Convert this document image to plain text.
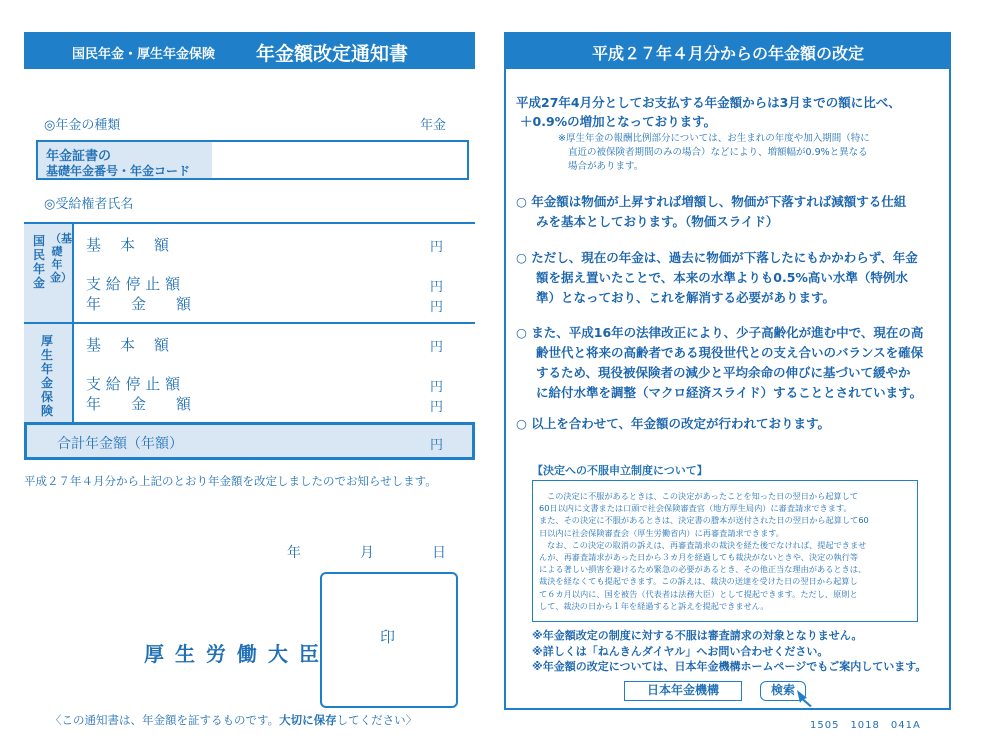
国民年金・厚生年金保険 年金額改定通知書
◎年金の種類	年金
年金証書の
基礎年金番号・年金コード
◎受給権者氏名
国民年金
（基礎年金）
基　本　額	円
支 給 停 止 額	円
年　　金　　額	円
厚生年金保険
基　本　額	円
支 給 停 止 額	円
年　　金　　額	円
合計年金額（年額）	円
平成２７年４月分から上記のとおり年金額を改定しましたのでお知らせします。
年	月	日
厚 生 労 働 大 臣
印
〈この通知書は、年金額を証するものです。大切に保存してください〉
平成２７年４月分からの年金額の改定
平成27年4月分としてお支払する年金額からは3月までの額に比べ、
＋0.9%の増加となっております。
※厚生年金の報酬比例部分については、お生まれの年度や加入期間（特に
直近の被保険者期間のみの場合）などにより、増額幅が0.9%と異なる
場合があります。
○ 年金額は物価が上昇すれば増額し、物価が下落すれば減額する仕組
みを基本としております。（物価スライド）
○ ただし、現在の年金は、過去に物価が下落したにもかかわらず、年金
額を据え置いたことで、本来の水準よりも0.5%高い水準（特例水
準）となっており、これを解消する必要があります。
○ また、平成16年の法律改正により、少子高齢化が進む中で、現在の高
齢世代と将来の高齢者である現役世代との支え合いのバランスを確保
するため、現役被保険者の減少と平均余命の伸びに基づいて緩やか
に給付水準を調整（マクロ経済スライド）することとされています。
○ 以上を合わせて、年金額の改定が行われております。
【決定への不服申立制度について】
この決定に不服があるときは、この決定があったことを知った日の翌日から起算して
60日以内に文書または口頭で社会保険審査官（地方厚生局内）に審査請求できます。
また、その決定に不服があるときは、決定書の謄本が送付された日の翌日から起算して60
日以内に社会保険審査会（厚生労働省内）に再審査請求できます。
なお、この決定の取消の訴えは、再審査請求の裁決を経た後でなければ、提起できませ
んが、再審査請求があった日から３カ月を経過しても裁決がないときや、決定の執行等
による著しい損害を避けるため緊急の必要があるとき、その他正当な理由があるときは、
裁決を経なくても提起できます。この訴えは、裁決の送達を受けた日の翌日から起算し
て６カ月以内に、国を被告（代表者は法務大臣）として提起できます。ただし、原則と
して、裁決の日から１年を経過すると訴えを提起できません。
※年金額改定の制度に対する不服は審査請求の対象となりません。
※詳しくは「ねんきんダイヤル」へお問い合わせください。
※年金額の改定については、日本年金機構ホームページでもご案内しています。
日本年金機構	検索
1505　1018　041A
